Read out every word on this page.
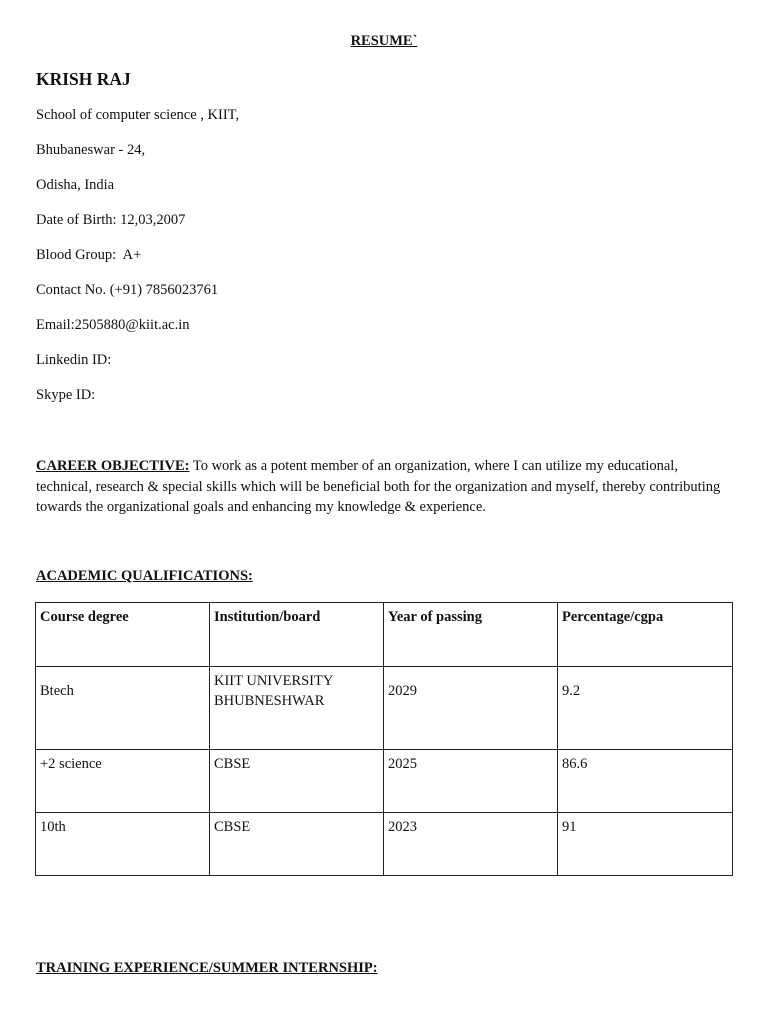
RESUME`
KRISH RAJ
School of computer science , KIIT,
Bhubaneswar - 24,
Odisha, India
Date of Birth: 12,03,2007
Blood Group:  A+
Contact No. (+91) 7856023761
Email:2505880@kiit.ac.in
Linkedin ID:
Skype ID:
CAREER OBJECTIVE: To work as a potent member of an organization, where I can utilize my educational, technical, research & special skills which will be beneficial both for the organization and myself, thereby contributing towards the organizational goals and enhancing my knowledge & experience.
ACADEMIC QUALIFICATIONS:
Course degree	Institution/board	Year of passing	Percentage/cgpa

Btech	KIIT UNIVERSITY BHUBNESHWAR	2029	9.2

+2 science	CBSE	2025	86.6
10th	CBSE	2023	91
TRAINING EXPERIENCE/SUMMER INTERNSHIP:
